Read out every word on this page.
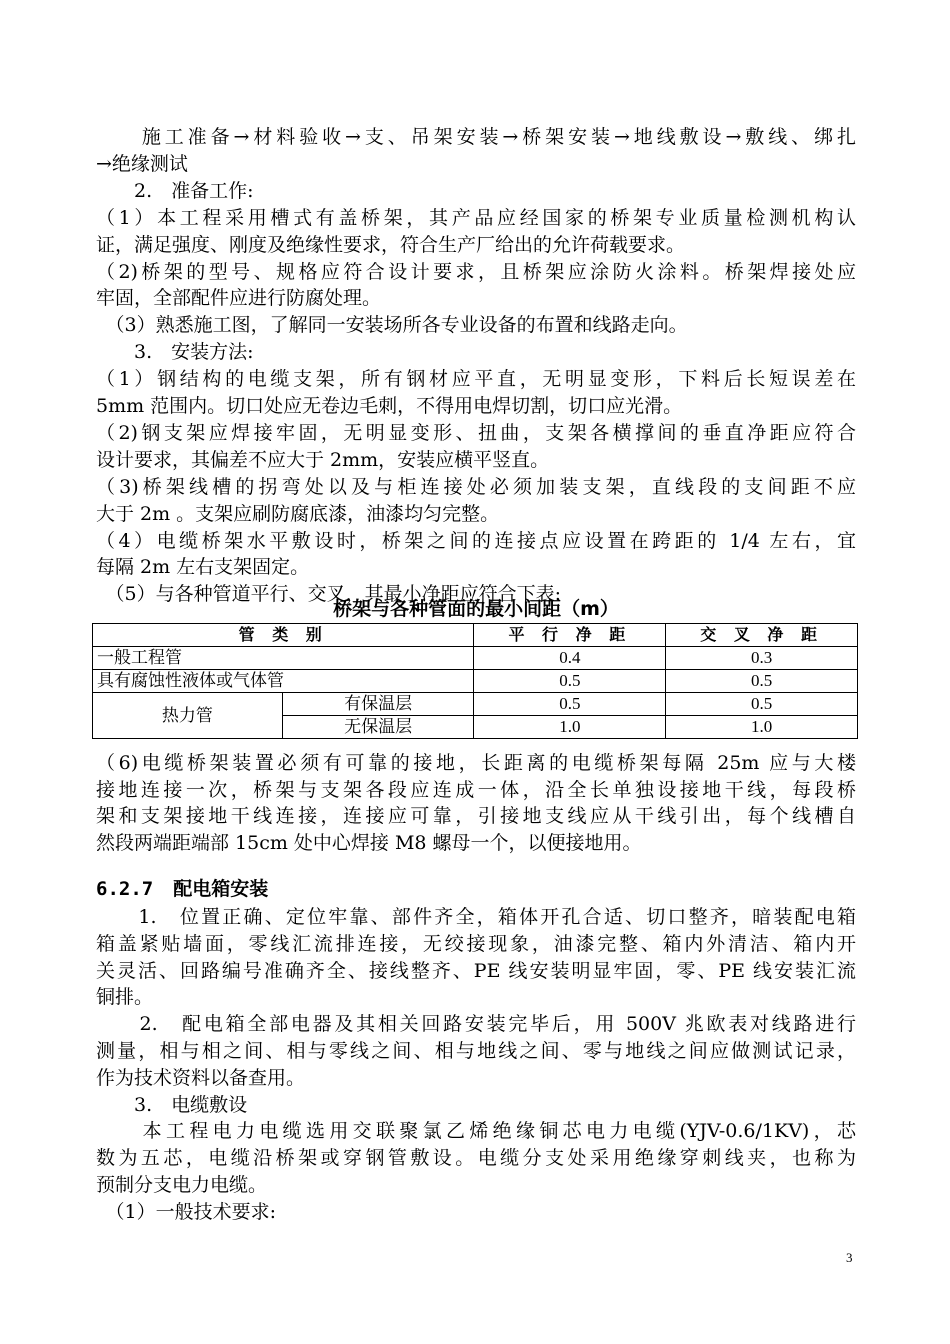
　　施工准备→材料验收→支、吊架安装→桥架安装→地线敷设→敷线、绑扎
→绝缘测试
　　2.　准备工作:
（1）本工程采用槽式有盖桥架，其产品应经国家的桥架专业质量检测机构认
证，满足强度、刚度及绝缘性要求，符合生产厂给出的允许荷载要求。
（2)桥架的型号、规格应符合设计要求，且桥架应涂防火涂料。桥架焊接处应
牢固，全部配件应进行防腐处理。
　（3）熟悉施工图，了解同一安装场所各专业设备的布置和线路走向。
　　3.　安装方法:
（1）钢结构的电缆支架，所有钢材应平直，无明显变形，下料后长短误差在
5mm 范围内。切口处应无卷边毛刺，不得用电焊切割，切口应光滑。
（2)钢支架应焊接牢固，无明显变形、扭曲，支架各横撑间的垂直净距应符合
设计要求，其偏差不应大于 2mm，安装应横平竖直。
（3)桥架线槽的拐弯处以及与柜连接处必须加装支架，直线段的支间距不应
大于 2m 。支架应刷防腐底漆，油漆均匀完整。
（4）电缆桥架水平敷设时，桥架之间的连接点应设置在跨距的 1/4 左右，宜
每隔 2m 左右支架固定。
　（5）与各种管道平行、交叉，其最小净距应符合下表:
桥架与各种管面的最小间距（m）
管 类 别		平 行 净 距	交 叉 净 距
一般工程管		0.4	0.3
具有腐蚀性液体或气体管		0.5	0.5
热力管	有保温层	0.5	0.5
	无保温层	1.0	1.0
（6)电缆桥架装置必须有可靠的接地，长距离的电缆桥架每隔 25m 应与大楼
接地连接一次，桥架与支架各段应连成一体，沿全长单独设接地干线，每段桥
架和支架接地干线连接，连接应可靠，引接地支线应从干线引出，每个线槽自
然段两端距端部 15cm 处中心焊接 M8 螺母一个，以便接地用。
6.2.7 配电箱安装
　　1.　位置正确、定位牢靠、部件齐全，箱体开孔合适、切口整齐，暗装配电箱
箱盖紧贴墙面，零线汇流排连接，无绞接现象，油漆完整、箱内外清洁、箱内开
关灵活、回路编号准确齐全、接线整齐、PE 线安装明显牢固，零、PE 线安装汇流
铜排。
　　2.　配电箱全部电器及其相关回路安装完毕后，用 500V 兆欧表对线路进行
测量，相与相之间、相与零线之间、相与地线之间、零与地线之间应做测试记录，
作为技术资料以备查用。
　　3.　电缆敷设
　　本工程电力电缆选用交联聚氯乙烯绝缘铜芯电力电缆(YJV-0.6/1KV)，芯
数为五芯，电缆沿桥架或穿钢管敷设。电缆分支处采用绝缘穿刺线夹，也称为
预制分支电力电缆。
　（1）一般技术要求:
3
